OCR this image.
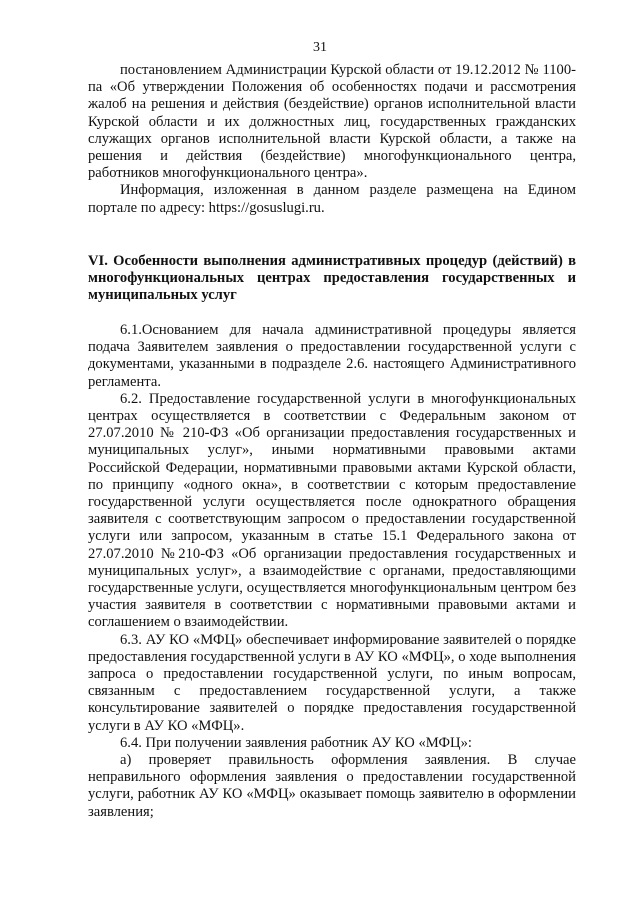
31

постановлением Администрации Курской области от 19.12.2012 № 1100-па «Об утверждении Положения об особенностях подачи и рассмотрения жалоб на решения и действия (бездействие) органов исполнительной власти Курской области и их должностных лиц, государственных гражданских служащих органов исполнительной власти Курской области, а также на решения и действия (бездействие) многофункционального центра, работников многофункционального центра».

Информация, изложенная в данном разделе размещена на Едином портале по адресу: https://gosuslugi.ru.

VI. Особенности выполнения административных процедур (действий) в многофункциональных центрах предоставления государственных и муниципальных услуг

6.1.Основанием для начала административной процедуры является подача Заявителем заявления о предоставлении государственной услуги с документами, указанными в подразделе 2.6. настоящего Административного регламента.

6.2. Предоставление государственной услуги в многофункциональных центрах осуществляется в соответствии с Федеральным законом от 27.07.2010 № 210-ФЗ «Об организации предоставления государственных и муниципальных услуг», иными нормативными правовыми актами Российской Федерации, нормативными правовыми актами Курской области, по принципу «одного окна», в соответствии с которым предоставление государственной услуги осуществляется после однократного обращения заявителя с соответствующим запросом о предоставлении государственной услуги или запросом, указанным в статье 15.1 Федерального закона от 27.07.2010 №210-ФЗ «Об организации предоставления государственных и муниципальных услуг», а взаимодействие с органами, предоставляющими государственные услуги, осуществляется многофункциональным центром без участия заявителя в соответствии с нормативными правовыми актами и соглашением о взаимодействии.

6.3. АУ КО «МФЦ» обеспечивает информирование заявителей о порядке предоставления государственной услуги в АУ КО «МФЦ», о ходе выполнения запроса о предоставлении государственной услуги, по иным вопросам, связанным с предоставлением государственной услуги, а также консультирование заявителей о порядке предоставления государственной услуги в АУ КО «МФЦ».

6.4. При получении заявления работник АУ КО «МФЦ»:

а) проверяет правильность оформления заявления. В случае неправильного оформления заявления о предоставлении государственной услуги, работник АУ КО «МФЦ» оказывает помощь заявителю в оформлении заявления;
